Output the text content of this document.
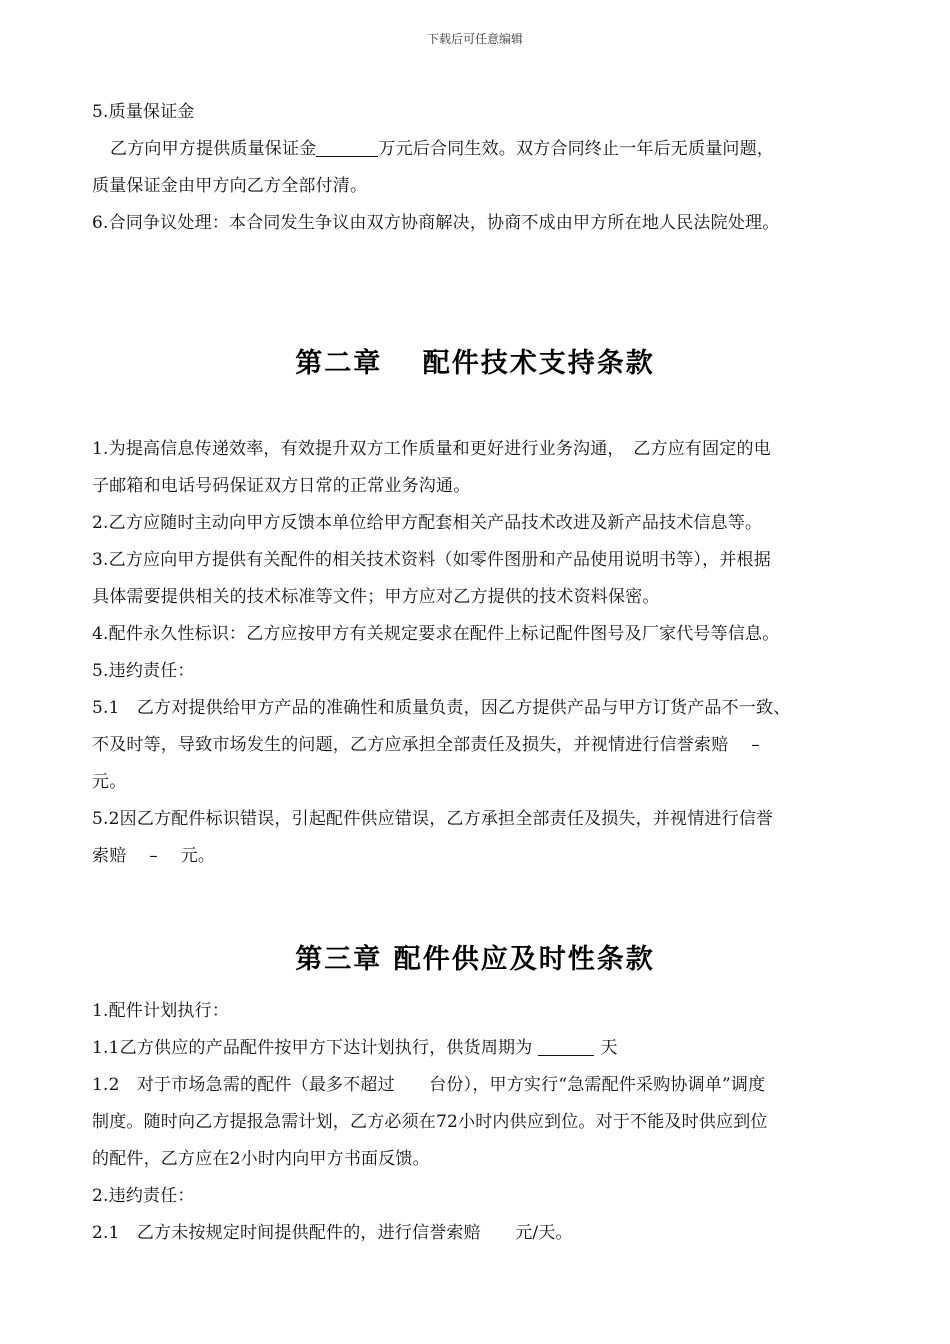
下载后可任意编辑
5.质量保证金
乙方向甲方提供质量保证金	万元后合同生效。双方合同终止一年后无质量问题，
质量保证金由甲方向乙方全部付清。
6.合同争议处理：本合同发生争议由双方协商解决，协商不成由甲方所在地人民法院处理。
第二章　 配件技术支持条款
1.为提高信息传递效率，有效提升双方工作质量和更好进行业务沟通，　乙方应有固定的电
子邮箱和电话号码保证双方日常的正常业务沟通。
2.乙方应随时主动向甲方反馈本单位给甲方配套相关产品技术改进及新产品技术信息等。
3.乙方应向甲方提供有关配件的相关技术资料（如零件图册和产品使用说明书等），并根据
具体需要提供相关的技术标准等文件；甲方应对乙方提供的技术资料保密。
4.配件永久性标识：乙方应按甲方有关规定要求在配件上标记配件图号及厂家代号等信息。
5.违约责任：
5.1　乙方对提供给甲方产品的准确性和质量负责，因乙方提供产品与甲方订货产品不一致、
不及时等，导致市场发生的问题，乙方应承担全部责任及损失，并视情进行信誉索赔　 –
元。
5.2因乙方配件标识错误，引起配件供应错误，乙方承担全部责任及损失，并视情进行信誉
索赔　 –　 元。
第三章 配件供应及时性条款
1.配件计划执行：
1.1乙方供应的产品配件按甲方下达计划执行，供货周期为	天
1.2　对于市场急需的配件（最多不超过　　台份），甲方实行“急需配件采购协调单”调度
制度。随时向乙方提报急需计划，乙方必须在72小时内供应到位。对于不能及时供应到位
的配件，乙方应在2小时内向甲方书面反馈。
2.违约责任：
2.1　乙方未按规定时间提供配件的，进行信誉索赔　　元/天。
